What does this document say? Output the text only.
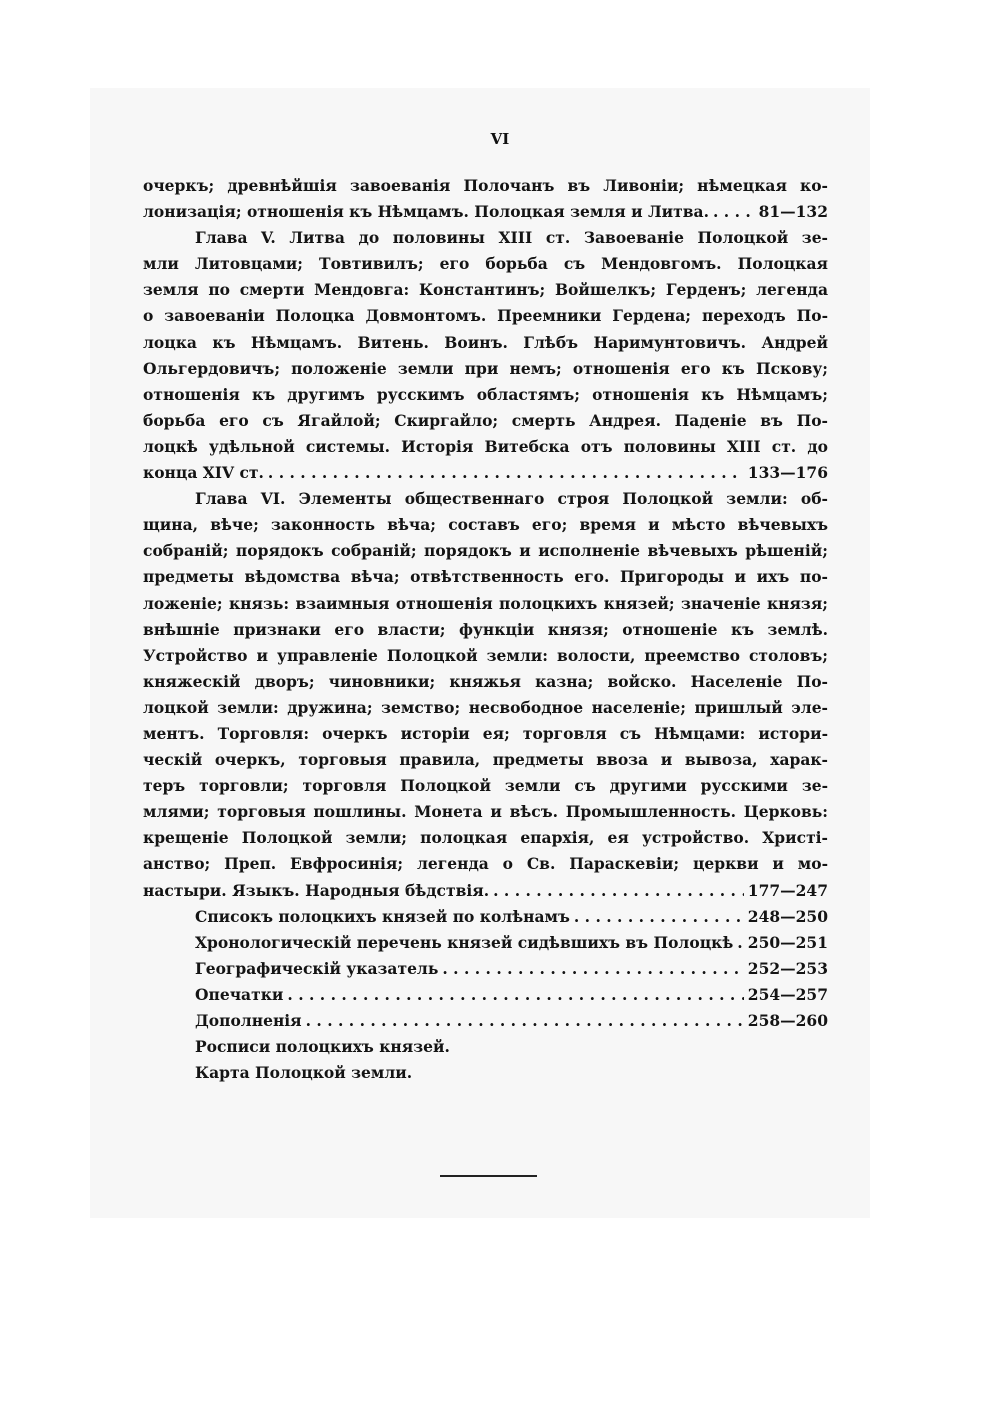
VI
очеркъ; древнѣйшія завоеванія Полочанъ въ Ливоніи; нѣмецкая ко-
лонизація; отношенія къ Нѣмцамъ. Полоцкая земля и Литва. . . .	81—132
Глава V. Литва до половины XIII ст. Завоеваніе Полоцкой зе-
мли Литовцами; Товтивилъ; его борьба съ Мендовгомъ. Полоцкая
земля по смерти Мендовга: Константинъ; Войшелкъ; Герденъ; легенда
о завоеваніи Полоцка Довмонтомъ. Преемники Гердена; переходъ По-
лоцка къ Нѣмцамъ. Витень. Воинъ. Глѣбъ Наримунтовичъ. Андрей
Ольгердовичъ; положеніе земли при немъ; отношенія его къ Пскову;
отношенія къ другимъ русскимъ областямъ; отношенія къ Нѣмцамъ;
борьба его съ Ягайлой; Скиргайло; смерть Андрея. Паденіе въ По-
лоцкѣ удѣльной системы. Исторія Витебска отъ половины XIII ст. до
конца XIV ст. . . .	133—176
Глава VI. Элементы общественнаго строя Полоцкой земли: об-
щина, вѣче; законность вѣча; составъ его; время и мѣсто вѣчевыхъ
собраній; порядокъ собраній; порядокъ и исполненіе вѣчевыхъ рѣшеній;
предметы вѣдомства вѣча; отвѣтственность его. Пригороды и ихъ по-
ложеніе; князь: взаимныя отношенія полоцкихъ князей; значеніе князя;
внѣшніе признаки его власти; функціи князя; отношеніе къ землѣ.
Устройство и управленіе Полоцкой земли: волости, преемство столовъ;
княжескій дворъ; чиновники; княжья казна; войско. Населеніе По-
лоцкой земли: дружина; земство; несвободное населеніе; пришлый эле-
ментъ. Торговля: очеркъ исторіи ея; торговля съ Нѣмцами: истори-
ческій очеркъ, торговыя правила, предметы ввоза и вывоза, харак-
теръ торговли; торговля Полоцкой земли съ другими русскими зе-
млями; торговыя пошлины. Монета и вѣсъ. Промышленность. Церковь:
крещеніе Полоцкой земли; полоцкая епархія, ея устройство. Христі-
анство; Преп. Евфросинія; легенда о Св. Параскевіи; церкви и мо-
настыри. Языкъ. Народныя бѣдствія. . . .	177—247
Списокъ полоцкихъ князей по колѣнамъ . . .	248—250
Хронологическій перечень князей сидѣвшихъ въ Полоцкѣ . . . 250—251
Географическій указатель . . .	252—253
Опечатки . . .	254—257
Дополненія . . .	258—260
Росписи полоцкихъ князей.
Карта Полоцкой земли.
